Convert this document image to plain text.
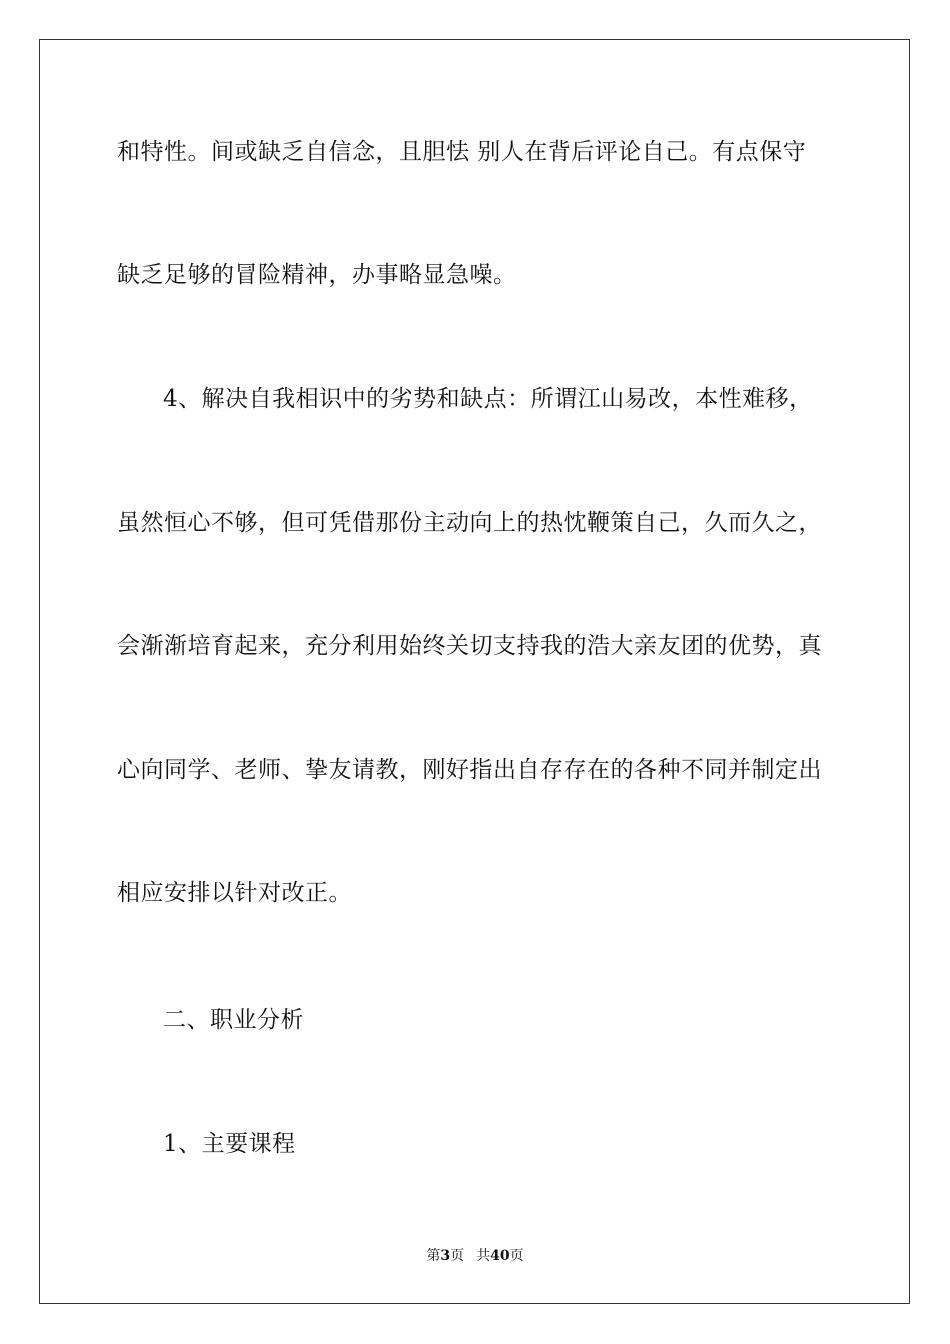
和特性。间或缺乏自信念，且胆怯 别人在背后评论自己。有点保守
缺乏足够的冒险精神，办事略显急噪。
4、解决自我相识中的劣势和缺点：所谓江山易改，本性难移，
虽然恒心不够，但可凭借那份主动向上的热忱鞭策自己，久而久之，
会渐渐培育起来，充分利用始终关切支持我的浩大亲友团的优势，真
心向同学、老师、挚友请教，刚好指出自存存在的各种不同并制定出
相应安排以针对改正。
二、职业分析
1、主要课程
第3页 共40页
